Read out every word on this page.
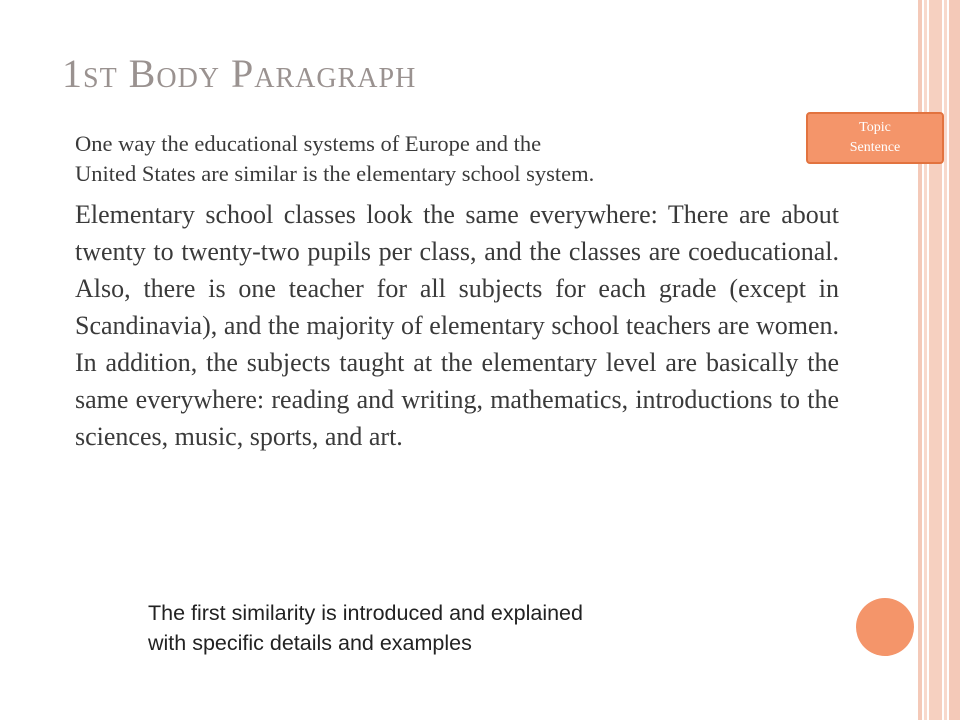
1st Body Paragraph
One way the educational systems of Europe and the
United States are similar is the elementary school system.

Elementary school classes look the same everywhere: There are about twenty to twenty-two pupils per class, and the classes are coeducational. Also, there is one teacher for all subjects for each grade (except in Scandinavia), and the majority of elementary school teachers are women. In addition, the subjects taught at the elementary level are basically the same everywhere: reading and writing, mathematics, introductions to the sciences, music, sports, and art.

Topic
Sentence
The first similarity is introduced and explained
with specific details and examples
